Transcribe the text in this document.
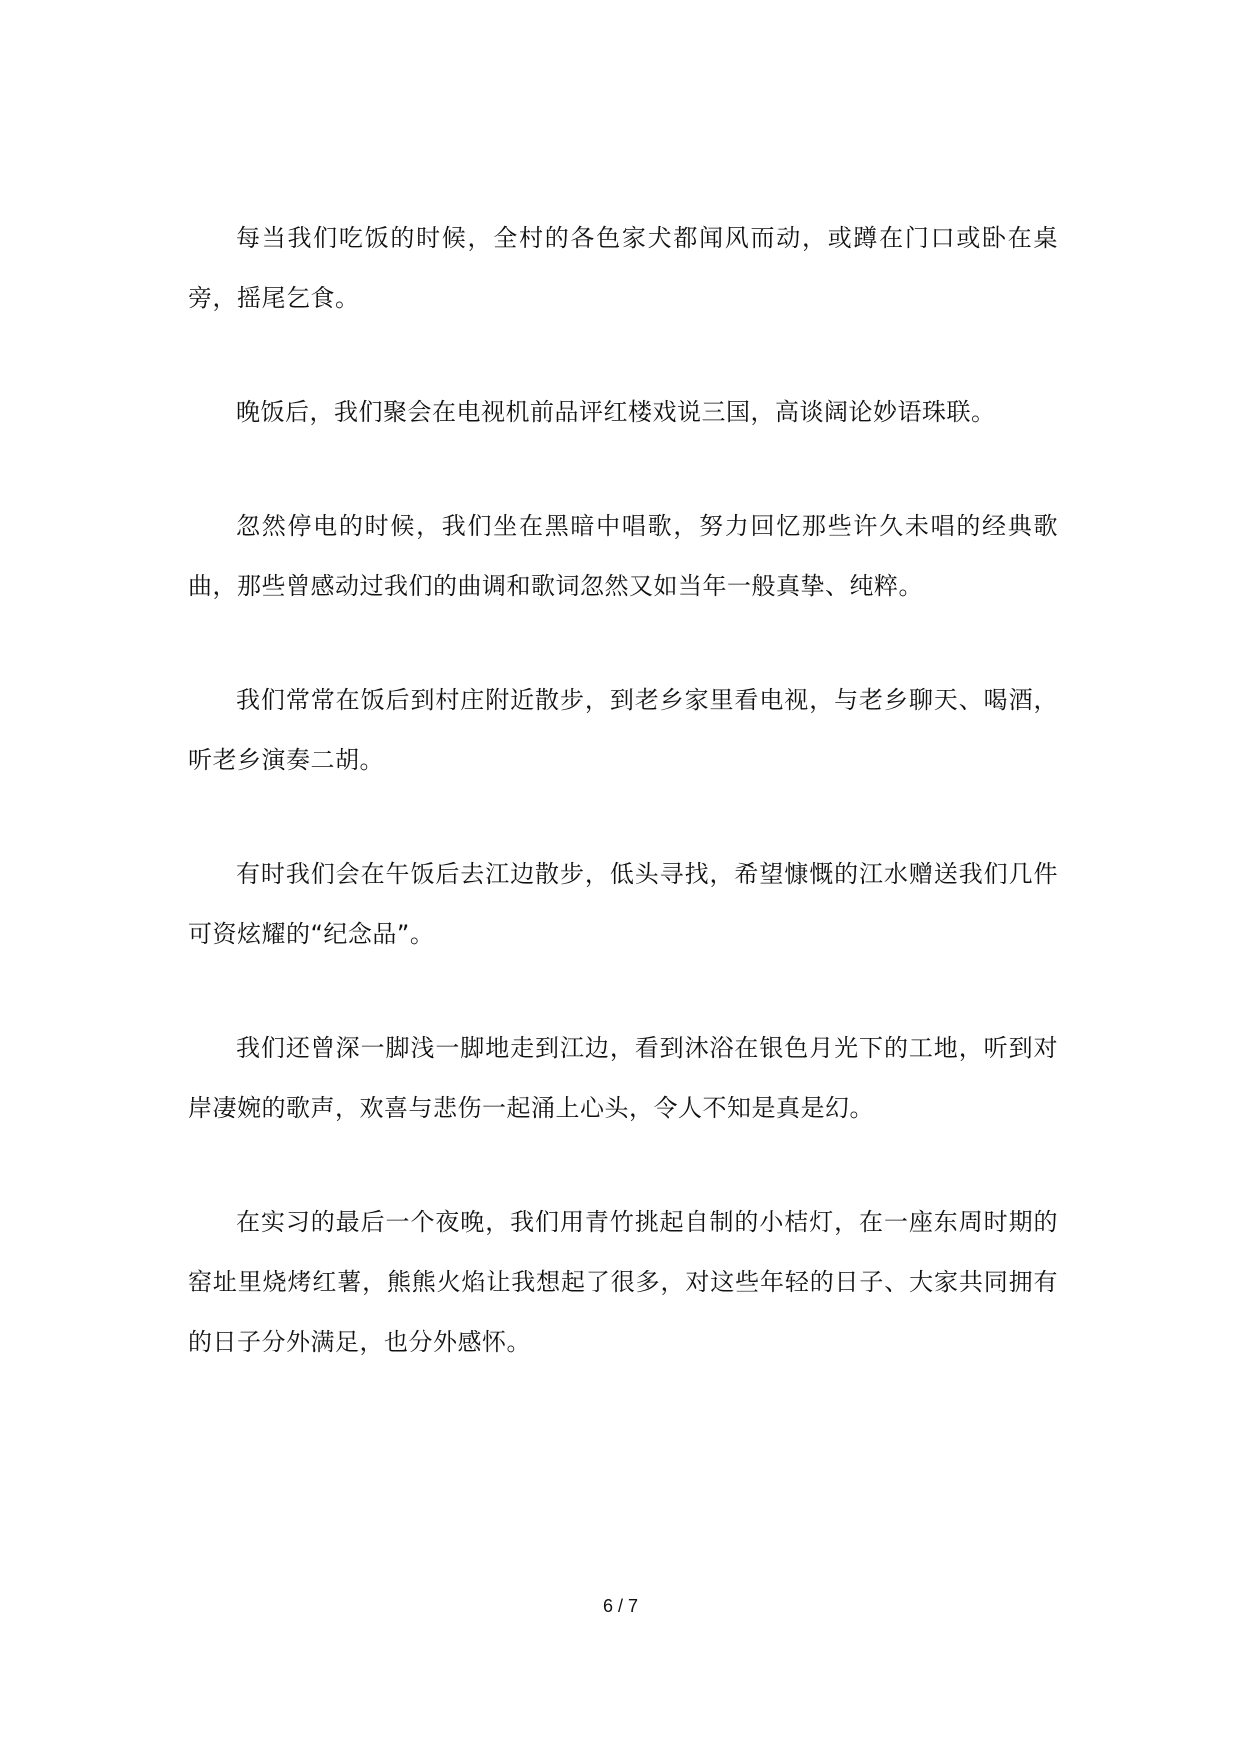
每当我们吃饭的时候，全村的各色家犬都闻风而动，或蹲在门口或卧在桌旁，摇尾乞食。

晚饭后，我们聚会在电视机前品评红楼戏说三国，高谈阔论妙语珠联。

忽然停电的时候，我们坐在黑暗中唱歌，努力回忆那些许久未唱的经典歌曲，那些曾感动过我们的曲调和歌词忽然又如当年一般真挚、纯粹。

我们常常在饭后到村庄附近散步，到老乡家里看电视，与老乡聊天、喝酒，听老乡演奏二胡。

有时我们会在午饭后去江边散步，低头寻找，希望慷慨的江水赠送我们几件可资炫耀的“纪念品”。

我们还曾深一脚浅一脚地走到江边，看到沐浴在银色月光下的工地，听到对岸凄婉的歌声，欢喜与悲伤一起涌上心头，令人不知是真是幻。

在实习的最后一个夜晚，我们用青竹挑起自制的小桔灯，在一座东周时期的窑址里烧烤红薯，熊熊火焰让我想起了很多，对这些年轻的日子、大家共同拥有的日子分外满足，也分外感怀。

6 / 7
